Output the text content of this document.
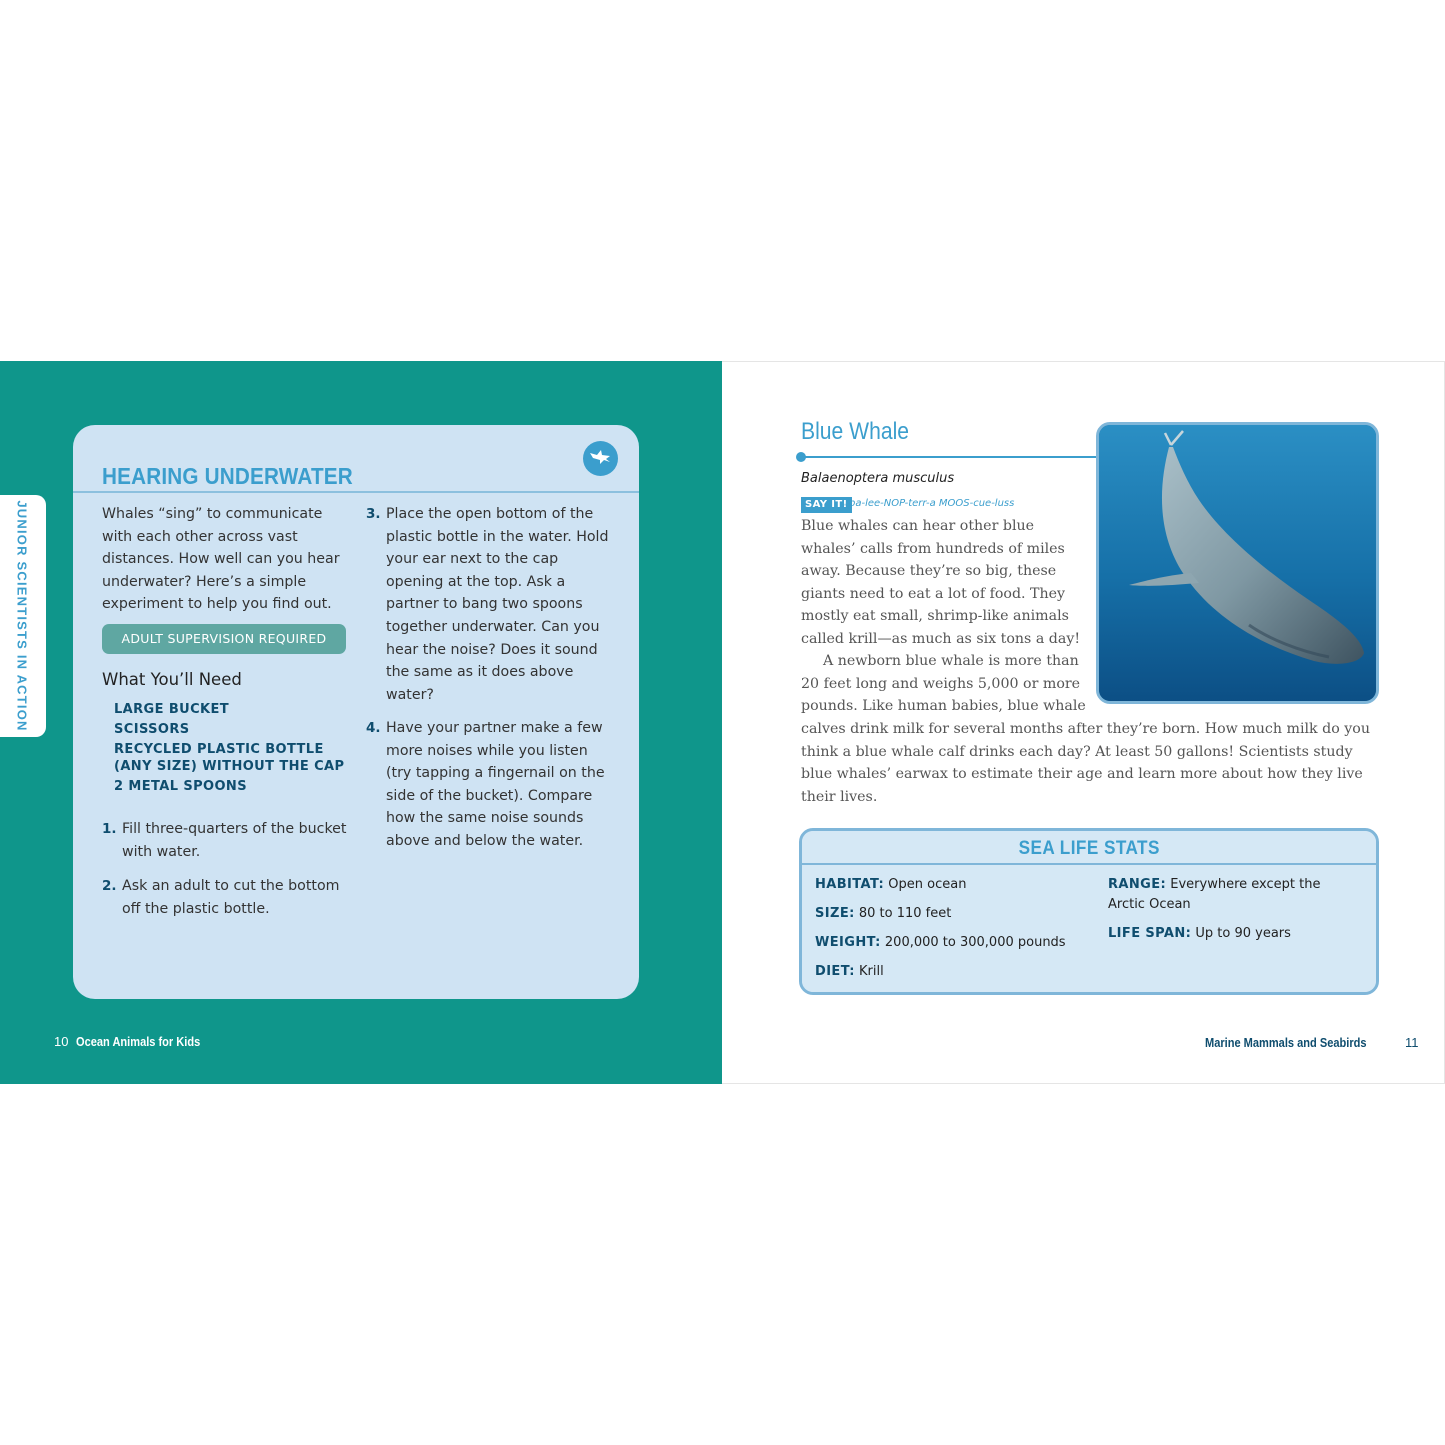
JUNIOR SCIENTISTS IN ACTION
HEARING UNDERWATER

Whales “sing” to communicate with each other across vast distances. How well can you hear underwater? Here’s a simple experiment to help you find out.

ADULT SUPERVISION REQUIRED
What You’ll Need
LARGE BUCKET
SCISSORS
RECYCLED PLASTIC BOTTLE (ANY SIZE) WITHOUT THE CAP
2 METAL SPOONS
1. Fill three-quarters of the bucket with water.

2. Ask an adult to cut the bottom off the plastic bottle.

3. Place the open bottom of the plastic bottle in the water. Hold your ear next to the cap opening at the top. Ask a partner to bang two spoons together underwater. Can you hear the noise? Does it sound the same as it does above water?

4. Have your partner make a few more noises while you listen (try tapping a fingernail on the side of the bucket). Compare how the same noise sounds above and below the water.

10 Ocean Animals for Kids
Blue Whale
Balaenoptera musculus
SAY IT! ba-lee-NOP-terr-a MOOS-cue-luss

Blue whales can hear other blue whales’ calls from hundreds of miles away. Because they’re so big, these giants need to eat a lot of food. They mostly eat small, shrimp-like animals called krill—as much as six tons a day!

A newborn blue whale is more than 20 feet long and weighs 5,000 or more pounds. Like human babies, blue whale

calves drink milk for several months after they’re born. How much milk do you think a blue whale calf drinks each day? At least 50 gallons! Scientists study blue whales’ earwax to estimate their age and learn more about how they live their lives.

SEA LIFE STATS
HABITAT: Open ocean
SIZE: 80 to 110 feet
WEIGHT: 200,000 to 300,000 pounds
DIET: Krill
RANGE: Everywhere except the Arctic Ocean
LIFE SPAN: Up to 90 years
Marine Mammals and Seabirds	11
